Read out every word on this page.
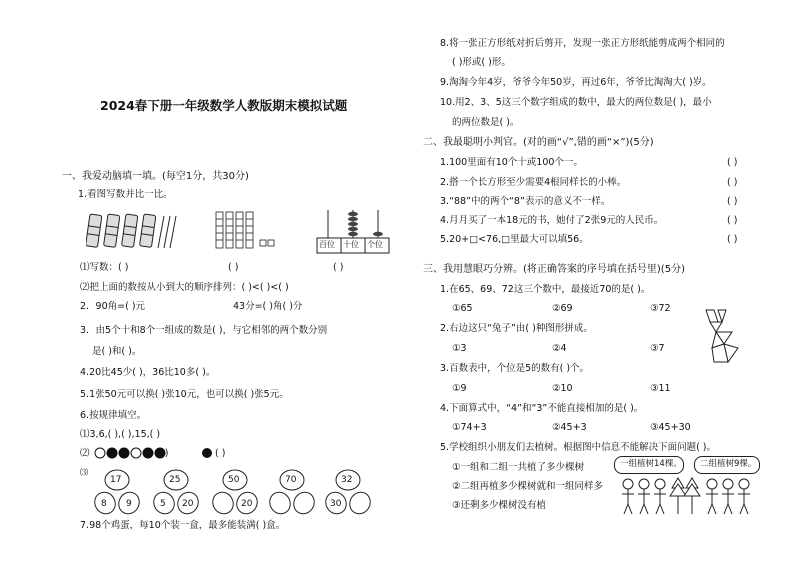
2024春下册一年级数学人教版期末模拟试题
一、我爱动脑填一填。(每空1分，共30分)
1.看图写数并比一比。
百位 十位 个位
⑴写数：( )	( )	( )
⑵把上面的数按从小到大的顺序排列：( )<( )<( )
2．90角=( )元	43分=( )角( )分
3．由5个十和8个一组成的数是( )，与它相邻的两个数分别
是( )和( )。
4.20比45少( )，36比10多( )。
5.1张50元可以换( )张10元，也可以换( )张5元。
6.按规律填空。
⑴3,6,( ),( ),15,( )
⑵	( )	( )
⑶
17
8 9
25
5 20
50
20
70	32
30
7.98个鸡蛋，每10个装一盒，最多能装满( )盒。
8.将一张正方形纸对折后剪开，发现一张正方形纸能剪成两个相同的
( )形或( )形。
9.淘淘今年4岁，爷爷今年50岁，再过6年，爷爷比淘淘大( )岁。
10.用2、3、5这三个数字组成的数中，最大的两位数是( )，最小
的两位数是( )。
二、我最聪明小判官。(对的画“√”,错的画“×”)(5分)
1.100里面有10个十或100个一。	( )
2.搭一个长方形至少需要4根同样长的小棒。	( )
3.“88”中的两个“8”表示的意义不一样。	( )
4.月月买了一本18元的书，她付了2张9元的人民币。	( )
5.20+□<76,□里最大可以填56。	( )
三、我用慧眼巧分辨。(将正确答案的序号填在括号里)(5分)
1.在65、69、72这三个数中，最接近70的是( )。
①65	②69	③72
2.右边这只“兔子”由( )种图形拼成。
①3	②4	③7
3.百数表中，个位是5的数有( )个。
①9	②10	③11
4.下面算式中，“4”和“3”不能直接相加的是( )。
①74+3	②45+3	③45+30
5.学校组织小朋友们去植树。根据图中信息不能解决下面问题( )。
①一组和二组一共植了多少棵树
②二组再植多少棵树就和一组同样多
③还剩多少棵树没有植
一组植树14棵。 二组植树9棵。
